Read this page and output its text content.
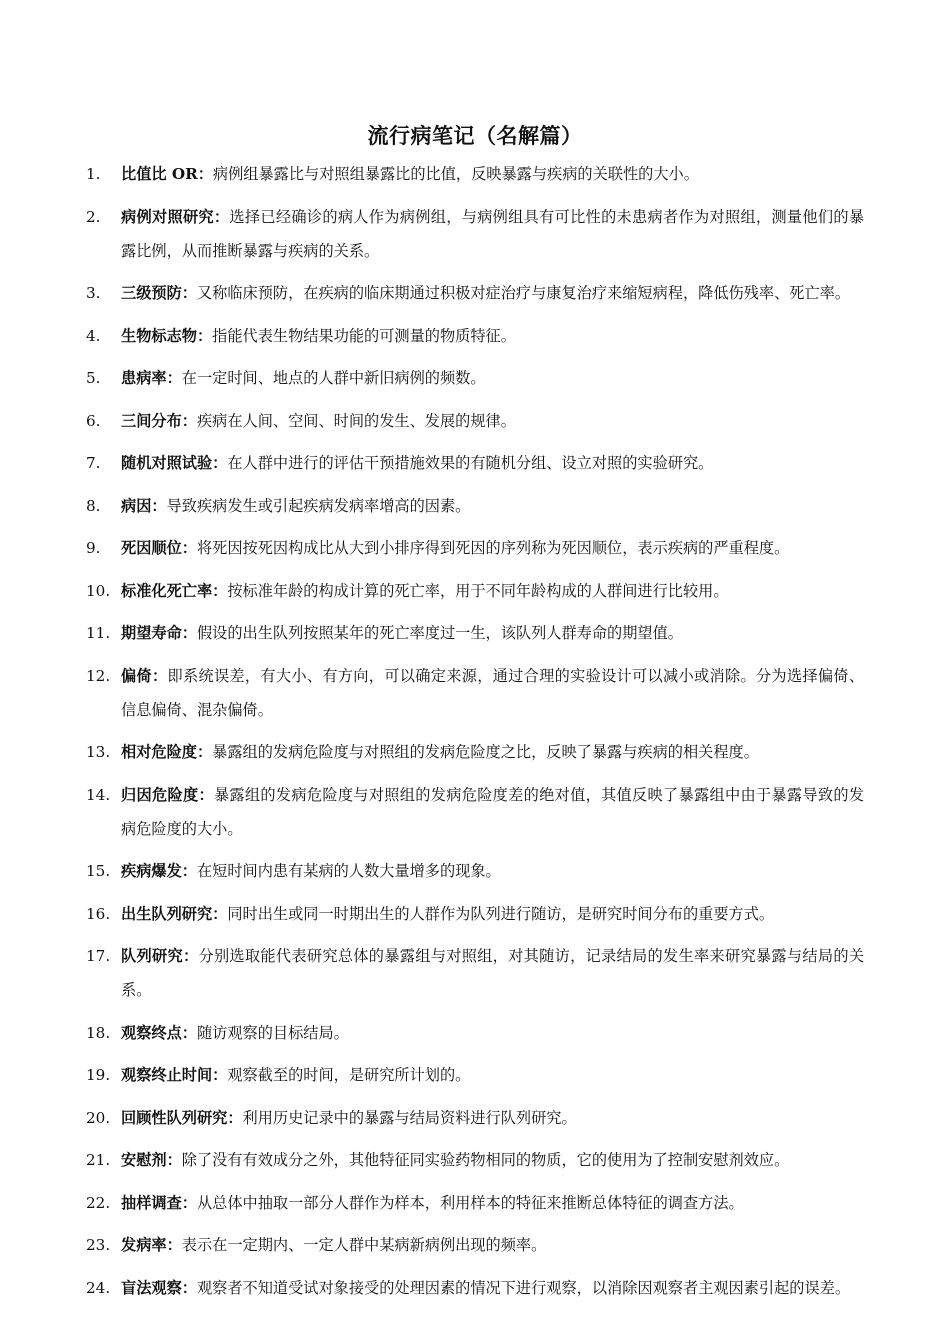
流行病笔记（名解篇）
1.	比值比 OR：病例组暴露比与对照组暴露比的比值，反映暴露与疾病的关联性的大小。
2.	病例对照研究：选择已经确诊的病人作为病例组，与病例组具有可比性的未患病者作为对照组，测量他们的暴露比例，从而推断暴露与疾病的关系。
3.	三级预防：又称临床预防，在疾病的临床期通过积极对症治疗与康复治疗来缩短病程，降低伤残率、死亡率。
4.	生物标志物：指能代表生物结果功能的可测量的物质特征。
5.	患病率：在一定时间、地点的人群中新旧病例的频数。
6.	三间分布：疾病在人间、空间、时间的发生、发展的规律。
7.	随机对照试验：在人群中进行的评估干预措施效果的有随机分组、设立对照的实验研究。
8.	病因：导致疾病发生或引起疾病发病率增高的因素。
9.	死因顺位：将死因按死因构成比从大到小排序得到死因的序列称为死因顺位，表示疾病的严重程度。
10. 标准化死亡率：按标准年龄的构成计算的死亡率，用于不同年龄构成的人群间进行比较用。
11. 期望寿命：假设的出生队列按照某年的死亡率度过一生，该队列人群寿命的期望值。
12. 偏倚：即系统误差，有大小、有方向，可以确定来源，通过合理的实验设计可以减小或消除。分为选择偏倚、信息偏倚、混杂偏倚。
13. 相对危险度：暴露组的发病危险度与对照组的发病危险度之比，反映了暴露与疾病的相关程度。
14. 归因危险度：暴露组的发病危险度与对照组的发病危险度差的绝对值，其值反映了暴露组中由于暴露导致的发病危险度的大小。
15. 疾病爆发：在短时间内患有某病的人数大量增多的现象。
16. 出生队列研究：同时出生或同一时期出生的人群作为队列进行随访，是研究时间分布的重要方式。
17. 队列研究：分别选取能代表研究总体的暴露组与对照组，对其随访，记录结局的发生率来研究暴露与结局的关系。
18. 观察终点：随访观察的目标结局。
19. 观察终止时间：观察截至的时间，是研究所计划的。
20. 回顾性队列研究：利用历史记录中的暴露与结局资料进行队列研究。
21. 安慰剂：除了没有有效成分之外，其他特征同实验药物相同的物质，它的使用为了控制安慰剂效应。
22. 抽样调查：从总体中抽取一部分人群作为样本，利用样本的特征来推断总体特征的调查方法。
23. 发病率：表示在一定期内、一定人群中某病新病例出现的频率。
24. 盲法观察：观察者不知道受试对象接受的处理因素的情况下进行观察，以消除因观察者主观因素引起的误差。
